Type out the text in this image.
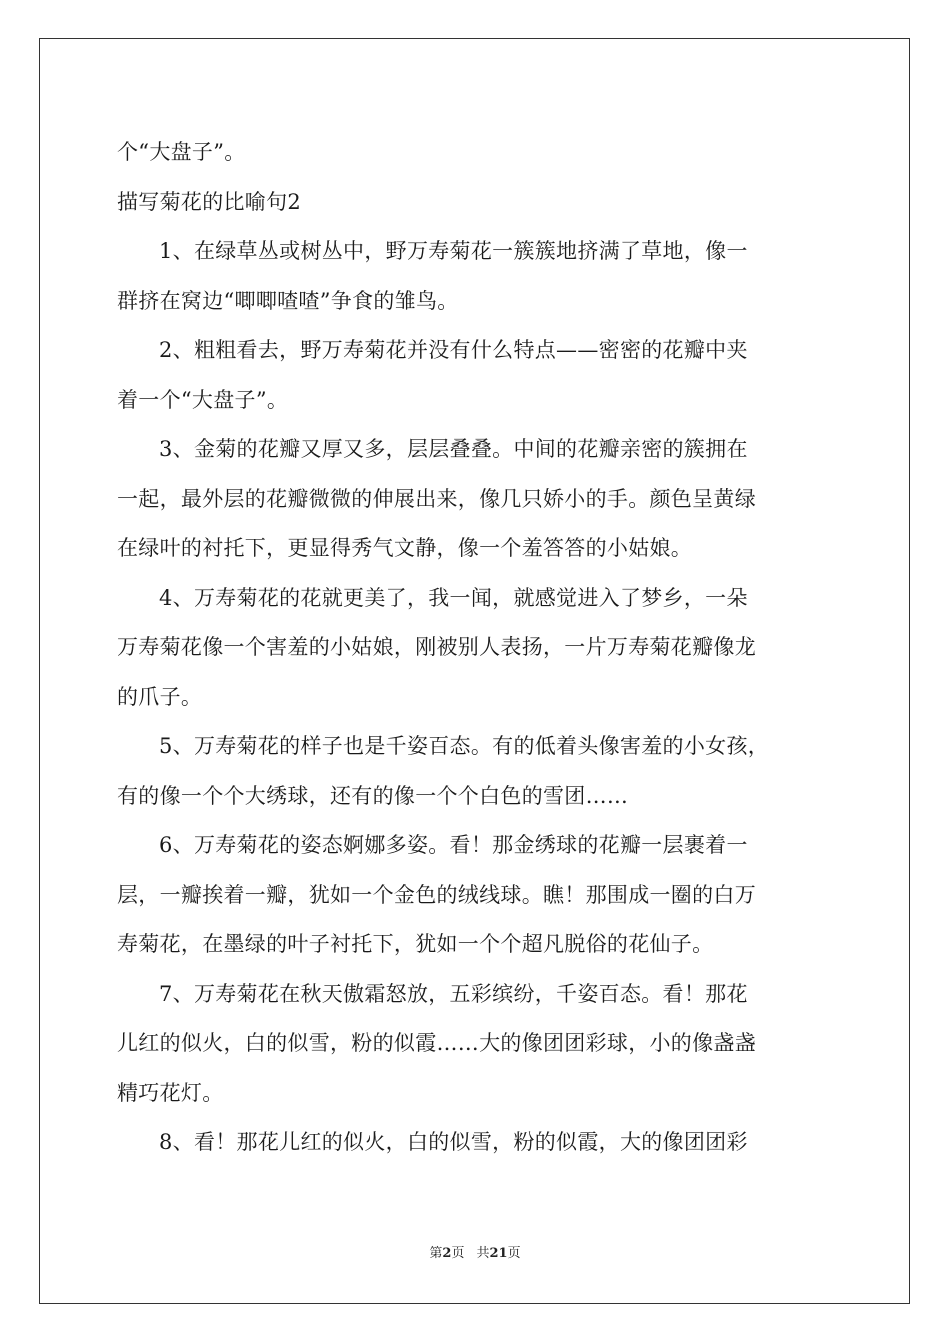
个“大盘子”。
描写菊花的比喻句2
1、在绿草丛或树丛中，野万寿菊花一簇簇地挤满了草地，像一
群挤在窝边“唧唧喳喳”争食的雏鸟。
2、粗粗看去，野万寿菊花并没有什么特点——密密的花瓣中夹
着一个“大盘子”。
3、金菊的花瓣又厚又多，层层叠叠。中间的花瓣亲密的簇拥在
一起，最外层的花瓣微微的伸展出来，像几只娇小的手。颜色呈黄绿
在绿叶的衬托下，更显得秀气文静，像一个羞答答的小姑娘。
4、万寿菊花的花就更美了，我一闻，就感觉进入了梦乡，一朵
万寿菊花像一个害羞的小姑娘，刚被别人表扬，一片万寿菊花瓣像龙
的爪子。
5、万寿菊花的样子也是千姿百态。有的低着头像害羞的小女孩，
有的像一个个大绣球，还有的像一个个白色的雪团……
6、万寿菊花的姿态婀娜多姿。看！那金绣球的花瓣一层裹着一
层，一瓣挨着一瓣，犹如一个金色的绒线球。瞧！那围成一圈的白万
寿菊花，在墨绿的叶子衬托下，犹如一个个超凡脱俗的花仙子。
7、万寿菊花在秋天傲霜怒放，五彩缤纷，千姿百态。看！那花
儿红的似火，白的似雪，粉的似霞……大的像团团彩球，小的像盏盏
精巧花灯。
8、看！那花儿红的似火，白的似雪，粉的似霞，大的像团团彩
第2页 共21页
